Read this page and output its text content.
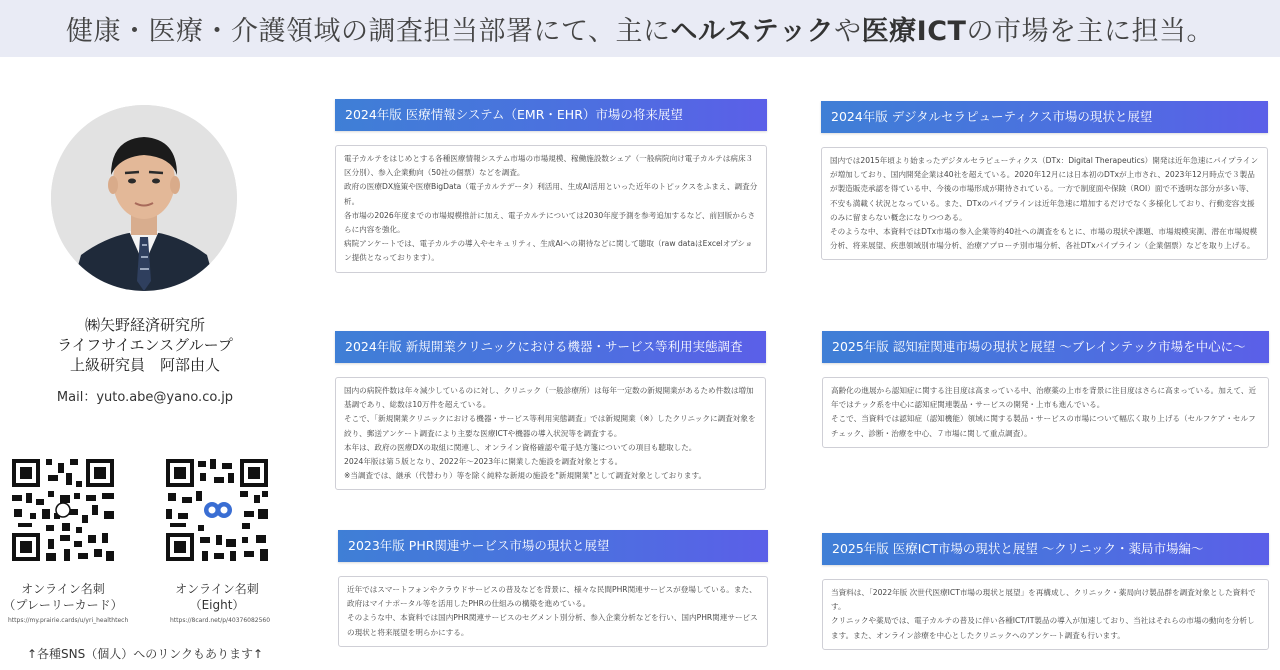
健康・医療・介護領域の調査担当部署にて、主に ヘルステック や 医療ICT の市場を主に担当。
㈱矢野経済研究所
ライフサイエンスグループ
上級研究員　阿部由人
Mail：yuto.abe@yano.co.jp
オンライン名刺
（プレーリーカード）
オンライン名刺
（Eight）
https://my.prairie.cards/u/yri_healthtech	https://8card.net/p/40376082560
↑各種SNS（個人）へのリンクもあります↑
2024年版 医療情報システム（EMR・EHR）市場の将来展望

電子カルテをはじめとする各種医療情報システム市場の市場規模、稼働施設数シェア（一般病院向け電子カルテは病床３区分別）、参入企業動向（50社の個票）などを調査。

政府の医療DX施策や医療BigData（電子カルテデータ）利活用、生成AI活用といった近年のトピックスをふまえ、調査分析。

各市場の2026年度までの市場規模推計に加え、電子カルテについては2030年度予測を参考追加するなど、前回版からさらに内容を強化。

病院アンケートでは、電子カルテの導入やセキュリティ、生成AIへの期待などに関して聴取（raw dataはExcelオプション提供となっております）。

2024年版 デジタルセラピューティクス市場の現状と展望

国内では2015年頃より始まったデジタルセラピューティクス（DTx：Digital Therapeutics）開発は近年急速にパイプラインが増加しており、国内開発企業は40社を超えている。2020年12月には日本初のDTxが上市され、2023年12月時点で３製品が製造販売承認を得ている中、今後の市場形成が期待されている。一方で制度面や保険（ROI）面で不透明な部分が多い等、不安も満載く状況となっている。また、DTxのパイプラインは近年急速に増加するだけでなく多様化しており、行動変容支援のみに留まらない概念になりつつある。

そのような中、本資料ではDTx市場の参入企業等約40社への調査をもとに、市場の現状や課題、市場規模実測、潜在市場規模分析、将来展望、疾患領域別市場分析、治療アプローチ別市場分析、各社DTxパイプライン（企業個票）などを取り上げる。

2024年版 新規開業クリニックにおける機器・サービス等利用実態調査

国内の病院件数は年々減少しているのに対し、クリニック（一般診療所）は毎年一定数の新規開業があるため件数は増加基調であり、総数は10万件を超えている。

そこで、「新規開業クリニックにおける機器・サービス等利用実態調査」では新規開業（※）したクリニックに調査対象を絞り、郵送アンケート調査により主要な医療ICTや機器の導入状況等を調査する。

本年は、政府の医療DXの取組に関連し、オンライン資格確認や電子処方箋についての項目も聴取した。

2024年版は第５版となり、2022年～2023年に開業した施設を調査対象とする。

※当調査では、継承（代替わり）等を除く純粋な新規の施設を"新規開業"として調査対象としております。

2025年版 認知症関連市場の現状と展望 ～ブレインテック市場を中心に～

高齢化の進展から認知症に関する注目度は高まっている中、治療薬の上市を背景に注目度はさらに高まっている。加えて、近年ではテック系を中心に認知症関連製品・サービスの開発・上市も進んでいる。

そこで、当資料では認知症（認知機能）領域に関する製品・サービスの市場について幅広く取り上げる（セルフケア・セルフチェック、診断・治療を中心、７市場に関して重点調査）。

2023年版 PHR関連サービス市場の現状と展望

近年ではスマートフォンやクラウドサービスの普及などを背景に、様々な民間PHR関連サービスが登場している。また、政府はマイナポータル等を活用したPHRの仕組みの構築を進めている。

そのような中、本資料では国内PHR関連サービスのセグメント別分析、参入企業分析などを行い、国内PHR関連サービスの現状と将来展望を明らかにする。

2025年版 医療ICT市場の現状と展望 ～クリニック・薬局市場編～

当資料は、「2022年版 次世代医療ICT市場の現状と展望」を再構成し、クリニック・薬局向け製品群を調査対象とした資料です。

クリニックや薬局では、電子カルテの普及に伴い各種ICT/IT製品の導入が加速しており、当社はそれらの市場の動向を分析します。また、オンライン診療を中心としたクリニックへのアンケート調査も行います。
